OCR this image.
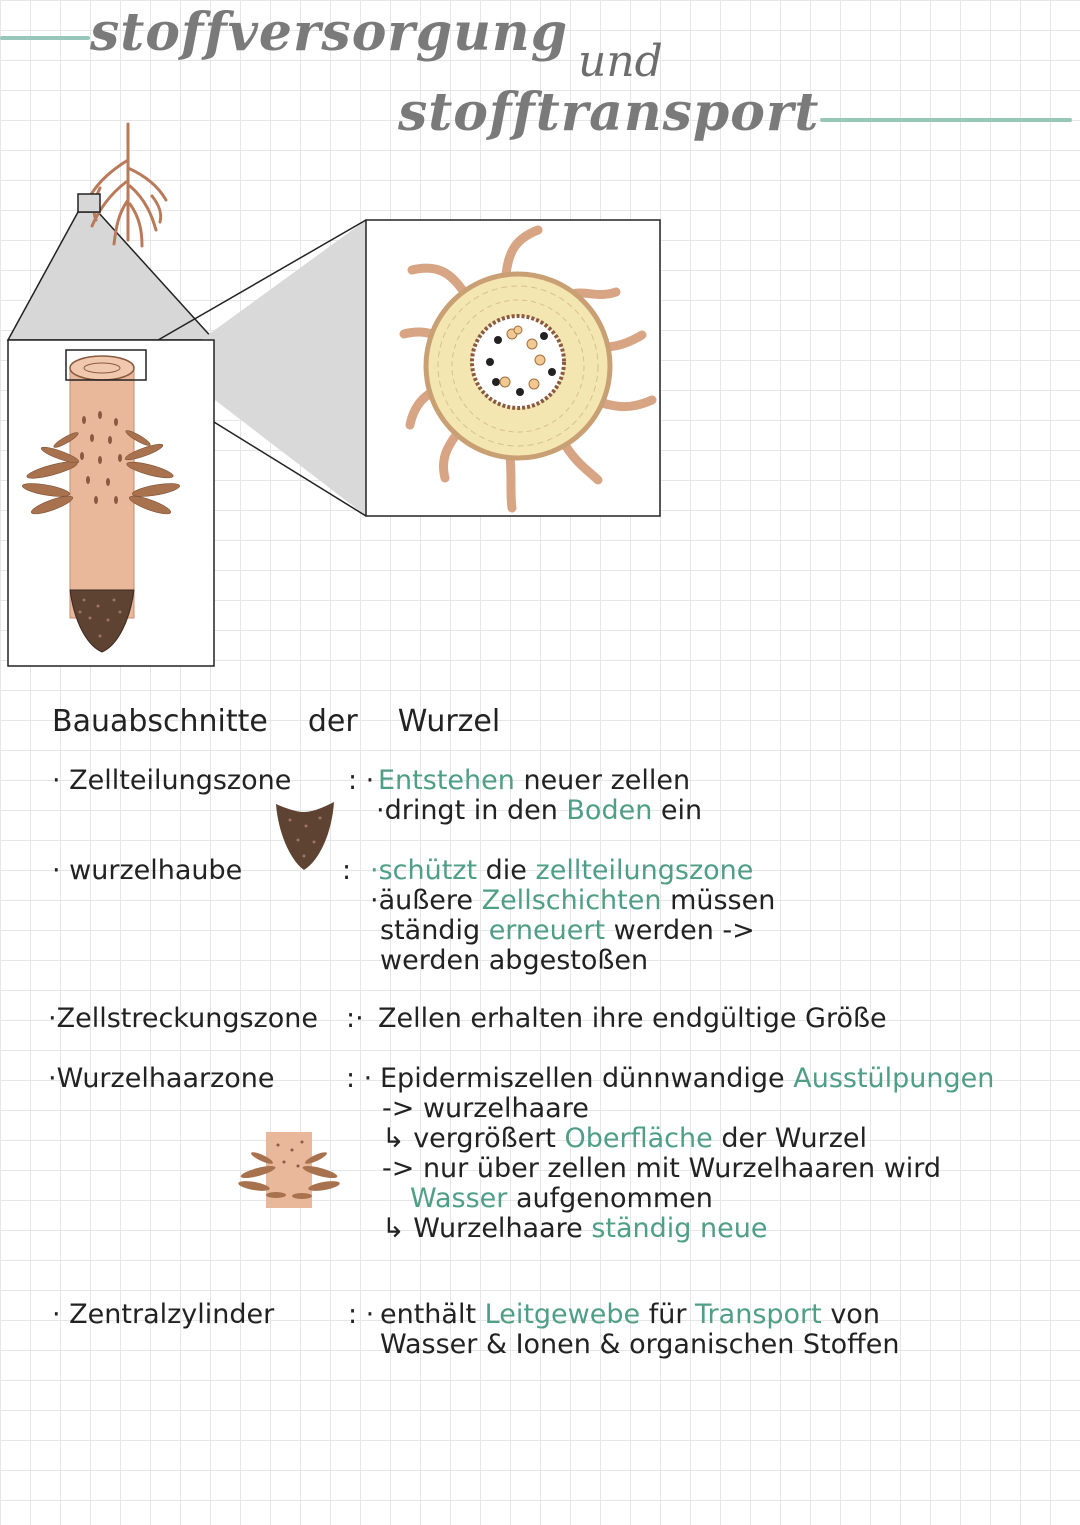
stoffversorgung und
stofftransport
Bauabschnitte der Wurzel
· Zellteilungszone : · Entstehen neuer zellen
·dringt in den Boden ein
· wurzelhaube	: ·schützt die zellteilungszone
·äußere Zellschichten müssen
ständig erneuert werden ->
werden abgestoßen
·Zellstreckungszone :· Zellen erhalten ihre endgültige Größe
·Wurzelhaarzone	: · Epidermiszellen dünnwandige Ausstülpungen
-> wurzelhaare
↳ vergrößert Oberfläche der Wurzel
-> nur über zellen mit Wurzelhaaren wird
Wasser aufgenommen
↳ Wurzelhaare ständig neue
· Zentralzylinder	: · enthält Leitgewebe für Transport von
Wasser & Ionen & organischen Stoffen
